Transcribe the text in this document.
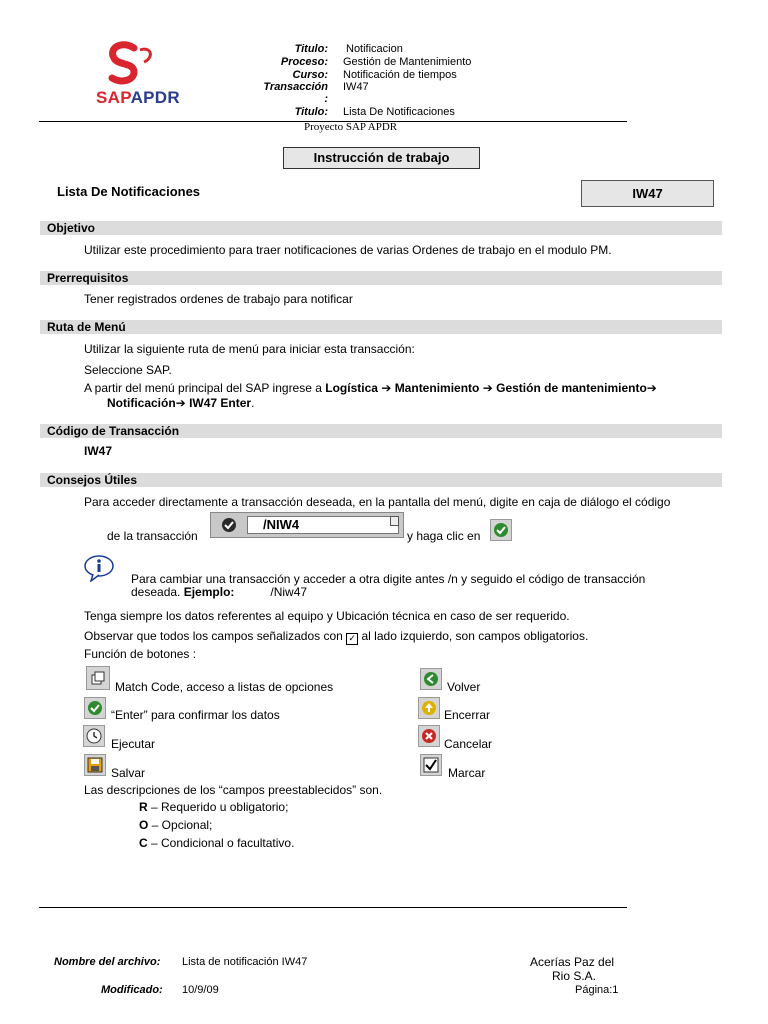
SAPAPDR
Titulo: Notificacion
Proceso: Gestión de Mantenimiento
Curso: Notificación de tiempos
Transacción IW47
:
Titulo: Lista De Notificaciones
Proyecto SAP APDR
Instrucción de trabajo
Lista De Notificaciones	IW47
Objetivo
Utilizar este procedimiento para traer notificaciones de varias Ordenes de trabajo en el modulo PM.
Prerrequisitos
Tener registrados ordenes de trabajo para notificar
Ruta de Menú
Utilizar la siguiente ruta de menú para iniciar esta transacción:
Seleccione SAP.
A partir del menú principal del SAP ingrese a Logística ➔ Mantenimiento ➔ Gestión de mantenimiento➔
Notificación➔ IW47 Enter.
Código de Transacción
IW47
Consejos Útiles
Para acceder directamente a transacción deseada, en la pantalla del menú, digite en caja de diálogo el código
de la transacción
/NIW4
y haga clic en
Para cambiar una transacción y acceder a otra digite antes /n y seguido el código de transacción
deseada. Ejemplo:	/Niw47
Tenga siempre los datos referentes al equipo y Ubicación técnica en caso de ser requerido.
Observar que todos los campos señalizados con ✓ al lado izquierdo, son campos obligatorios.
Función de botones :
Match Code, acceso a listas de opciones	Volver
“Enter” para confirmar los datos	Encerrar
Ejecutar	Cancelar
Salvar	Marcar
Las descripciones de los “campos preestablecidos” son.
R – Requerido u obligatorio;
O – Opcional;
C – Condicional o facultativo.
Nombre del archivo: Lista de notificación IW47
Modificado: 10/9/09
Acerías Paz del
Rio S.A.
Página:1
